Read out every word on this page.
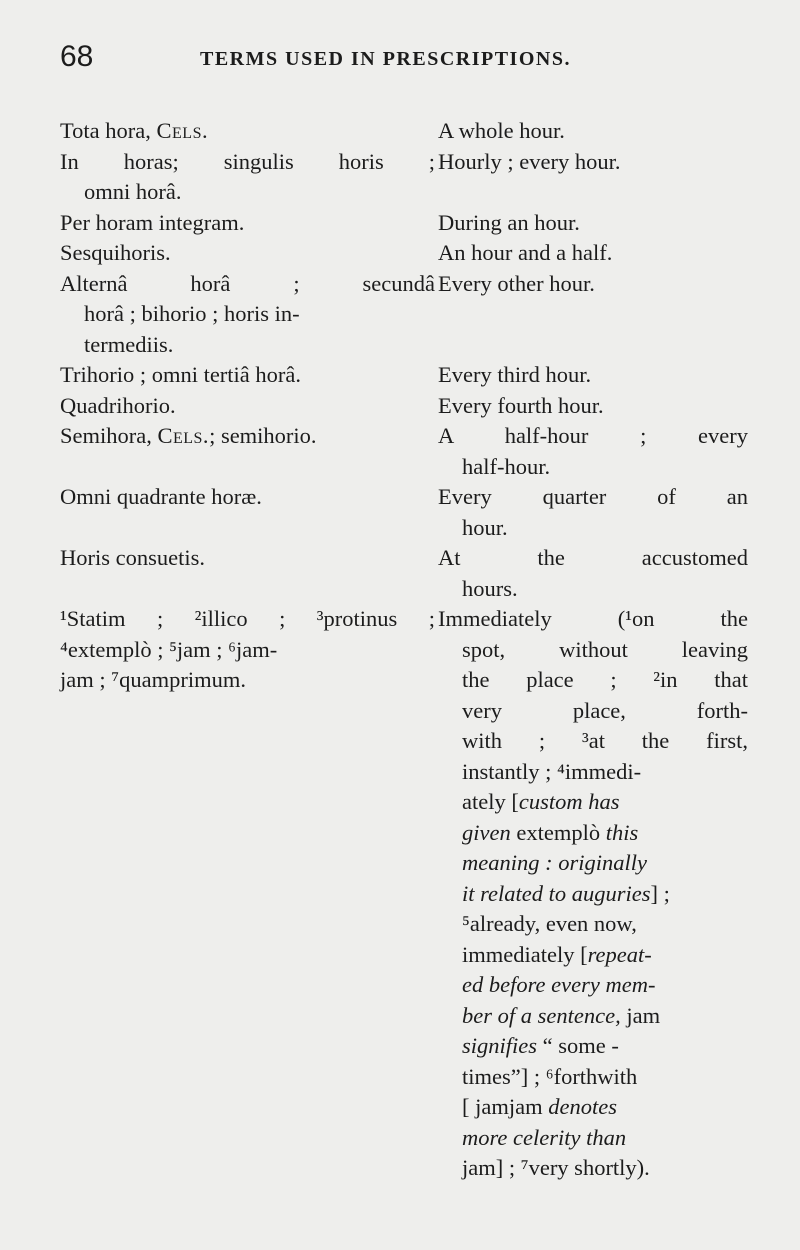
68	TERMS USED IN PRESCRIPTIONS.
Tota hora, Cels.
In horas; singulis horis ;
omni horâ.
Per horam integram.
Sesquihoris.
Alternâ horâ ; secundâ
horâ ; bihorio ; horis in-
termediis.
Trihorio ; omni tertiâ horâ.
Quadrihorio.
Semihora, Cels.; semihorio.
Omni quadrante horæ.
Horis consuetis.
¹Statim ; ²illico ; ³protinus ;
⁴extemplò ; ⁵jam ; ⁶jam-
jam ; ⁷quamprimum.
A whole hour.
Hourly ; every hour.
During an hour.
An hour and a half.
Every other hour.
Every third hour.
Every fourth hour.
A half-hour ; every
half-hour.
Every quarter of an
hour.
At the accustomed
hours.
Immediately (¹on the
spot, without leaving
the place ; ²in that
very place, forth-
with ; ³at the first,
instantly ; ⁴immedi-
ately [custom has
given extemplò this
meaning : originally
it related to auguries] ;
⁵already, even now,
immediately [repeat-
ed before every mem-
ber of a sentence, jam
signifies “ some -
times”] ; ⁶forthwith
[ jamjam denotes
more celerity than
jam] ; ⁷very shortly).
